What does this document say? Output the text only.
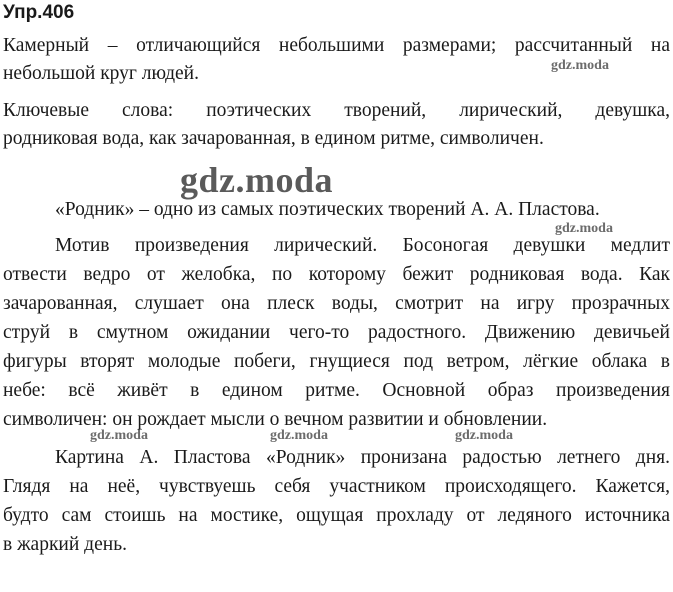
Упр.406
Камерный – отличающийся небольшими размерами; рассчитанный на
небольшой круг людей.
Ключевые слова: поэтических творений, лирический, девушка,
родниковая вода, как зачарованная, в едином ритме, символичен.
«Родник» – одно из самых поэтических творений А. А. Пластова.
Мотив произведения лирический. Босоногая девушки медлит
отвести ведро от желобка, по которому бежит родниковая вода. Как
зачарованная, слушает она плеск воды, смотрит на игру прозрачных
струй в смутном ожидании чего-то радостного. Движению девичьей
фигуры вторят молодые побеги, гнущиеся под ветром, лёгкие облака в
небе: всё живёт в едином ритме. Основной образ произведения
символичен: он рождает мысли о вечном развитии и обновлении.
Картина А. Пластова «Родник» пронизана радостью летнего дня.
Глядя на неё, чувствуешь себя участником происходящего. Кажется,
будто сам стоишь на мостике, ощущая прохладу от ледяного источника
в жаркий день.
gdz.moda
gdz.moda
gdz.moda
gdz.moda	gdz.moda	gdz.moda
